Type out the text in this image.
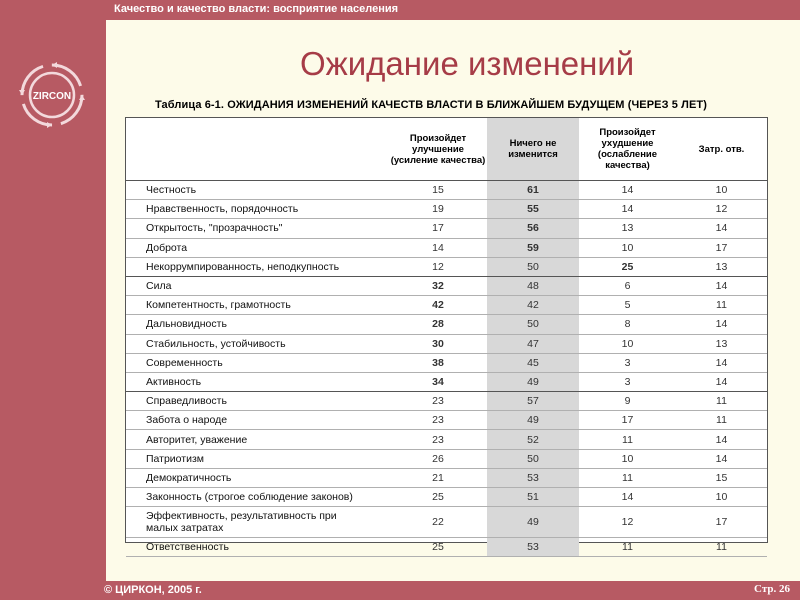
Качество и качество власти: восприятие населения
ZIRCON
Ожидание изменений
Таблица 6-1. ОЖИДАНИЯ ИЗМЕНЕНИЙ КАЧЕСТВ ВЛАСТИ В БЛИЖАЙШЕМ БУДУЩЕМ (ЧЕРЕЗ 5 ЛЕТ)
	Произойдет улучшение (усиление качества)	Ничего не изменится	Произойдет ухудшение (ослабление качества)	Затр. отв.
Честность	15	61	14	10
Нравственность, порядочность	19	55	14	12
Открытость, "прозрачность"	17	56	13	14
Доброта	14	59	10	17
Некоррумпированность, неподкупность	12	50	25	13
Сила	32	48	6	14
Компетентность, грамотность	42	42	5	11
Дальновидность	28	50	8	14
Стабильность, устойчивость	30	47	10	13
Современность	38	45	3	14
Активность	34	49	3	14
Справедливость	23	57	9	11
Забота о народе	23	49	17	11
Авторитет, уважение	23	52	11	14
Патриотизм	26	50	10	14
Демократичность	21	53	11	15
Законность (строгое соблюдение законов)	25	51	14	10
Эффективность, результативность при малых затратах	22	49	12	17
Ответственность	25	53	11	11
© ЦИРКОН, 2005 г.	Стр. 26
